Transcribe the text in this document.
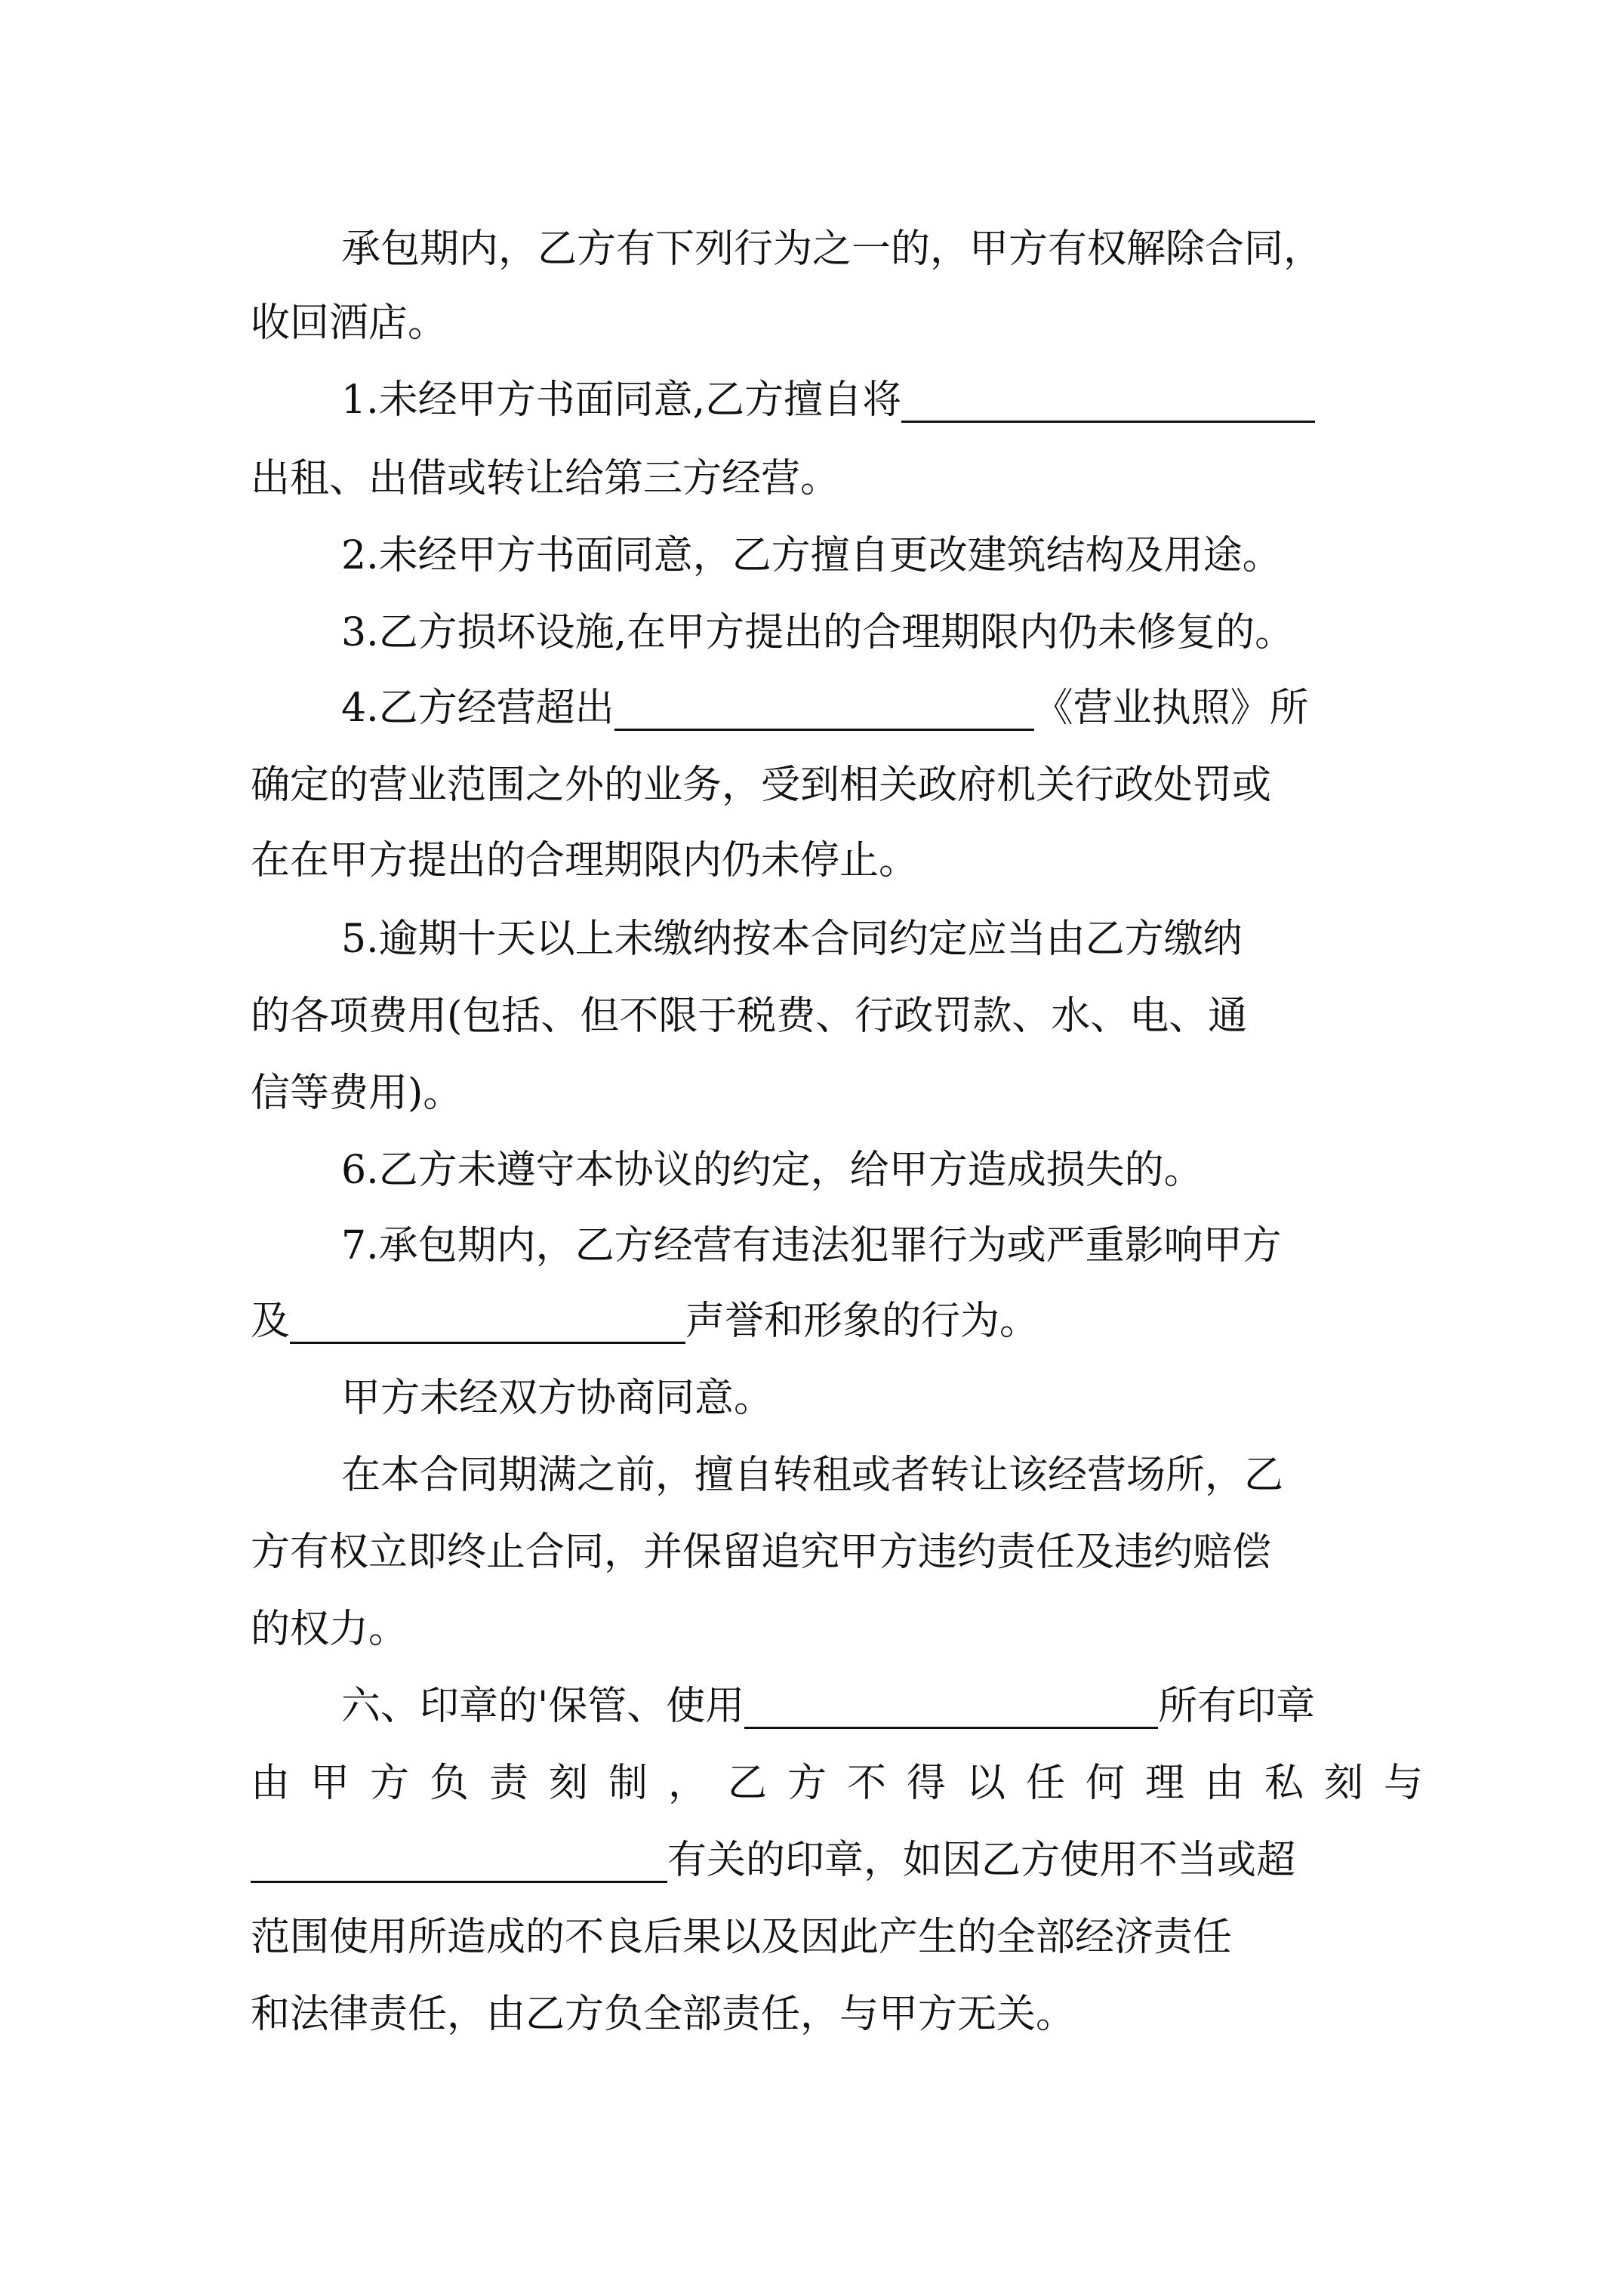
承包期内，乙方有下列行为之一的，甲方有权解除合同，
收回酒店。
1.未经甲方书面同意,乙方擅自将
出租、出借或转让给第三方经营。
2.未经甲方书面同意，乙方擅自更改建筑结构及用途。
3.乙方损坏设施,在甲方提出的合理期限内仍未修复的。
4.乙方经营超出	《营业执照》所
确定的营业范围之外的业务，受到相关政府机关行政处罚或
在在甲方提出的合理期限内仍未停止。
5.逾期十天以上未缴纳按本合同约定应当由乙方缴纳
的各项费用(包括、但不限于税费、行政罚款、水、电、通
信等费用)。
6.乙方未遵守本协议的约定，给甲方造成损失的。
7.承包期内，乙方经营有违法犯罪行为或严重影响甲方
及	声誉和形象的行为。
甲方未经双方协商同意。
在本合同期满之前，擅自转租或者转让该经营场所，乙
方有权立即终止合同，并保留追究甲方违约责任及违约赔偿
的权力。
六、印章的'保管、使用	所有印章
由甲方负责刻制，乙方不得以任何理由私刻与
有关的印章，如因乙方使用不当或超
范围使用所造成的不良后果以及因此产生的全部经济责任
和法律责任，由乙方负全部责任，与甲方无关。
